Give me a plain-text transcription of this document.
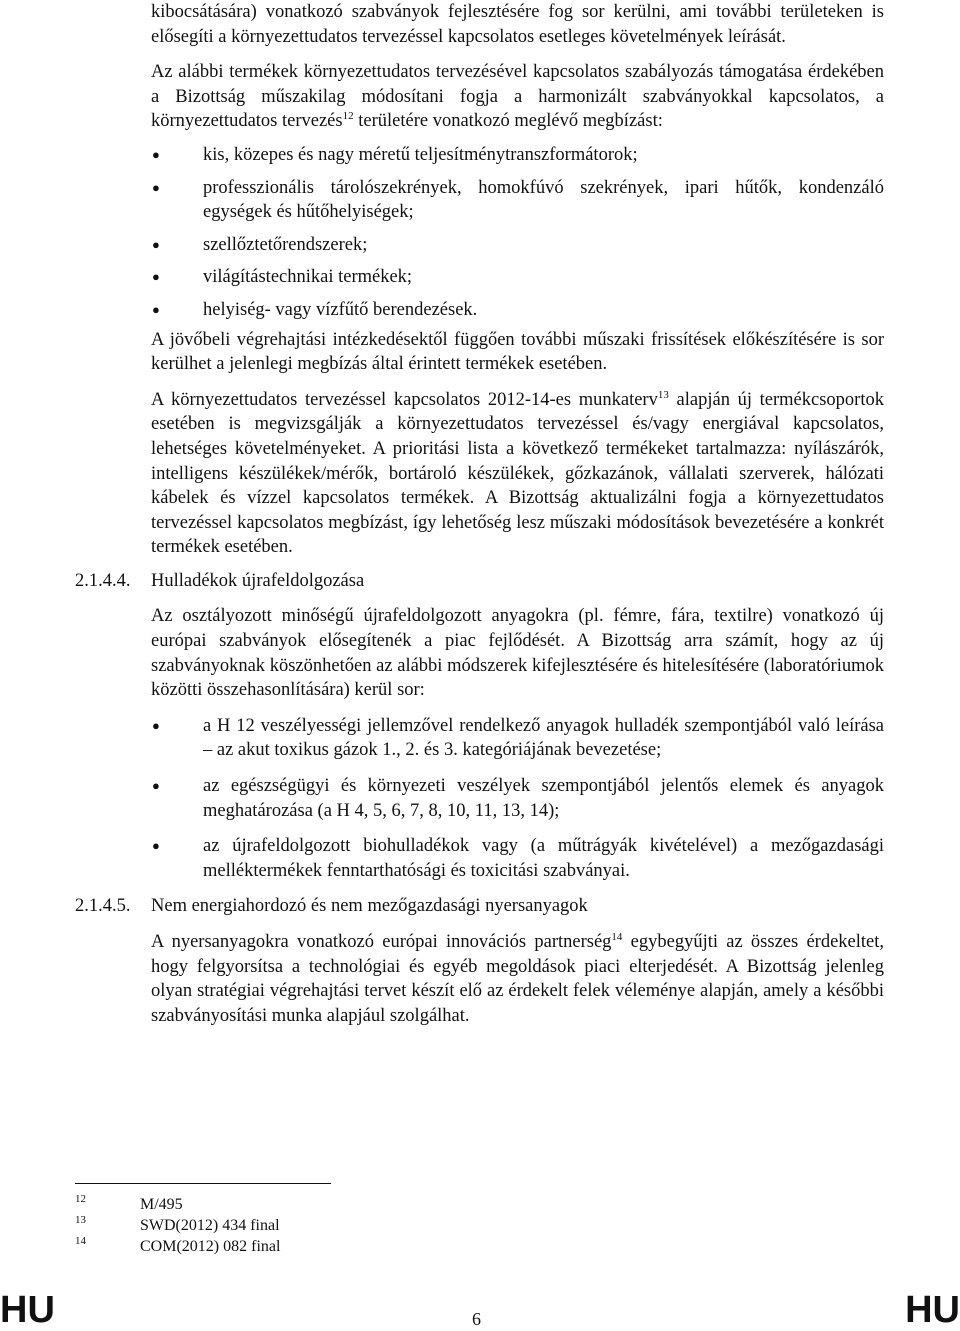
kibocsátására) vonatkozó szabványok fejlesztésére fog sor kerülni, ami további területeken is elősegíti a környezettudatos tervezéssel kapcsolatos esetleges követelmények leírását.

Az alábbi termékek környezettudatos tervezésével kapcsolatos szabályozás támogatása érdekében a Bizottság műszakilag módosítani fogja a harmonizált szabványokkal kapcsolatos, a környezettudatos tervezés$^{12}$ területére vonatkozó meglévő megbízást:

● kis, közepes és nagy méretű teljesítménytranszformátorok;
● professzionális tárolószekrények, homokfúvó szekrények, ipari hűtők, kondenzáló egységek és hűtőhelyiségek;
● szellőztetőrendszerek;
● világítástechnikai termékek;
● helyiség- vagy vízfűtő berendezések.

A jövőbeli végrehajtási intézkedésektől függően további műszaki frissítések előkészítésére is sor kerülhet a jelenlegi megbízás által érintett termékek esetében.

A környezettudatos tervezéssel kapcsolatos 2012-14-es munkaterv$^{13}$ alapján új termékcsoportok esetében is megvizsgálják a környezettudatos tervezéssel és/vagy energiával kapcsolatos, lehetséges követelményeket. A prioritási lista a következő termékeket tartalmazza: nyílászárók, intelligens készülékek/mérők, bortároló készülékek, gőzkazánok, vállalati szerverek, hálózati kábelek és vízzel kapcsolatos termékek. A Bizottság aktualizálni fogja a környezettudatos tervezéssel kapcsolatos megbízást, így lehetőség lesz műszaki módosítások bevezetésére a konkrét termékek esetében.

2.1.4.4. Hulladékok újrafeldolgozása

Az osztályozott minőségű újrafeldolgozott anyagokra (pl. fémre, fára, textilre) vonatkozó új európai szabványok elősegítenék a piac fejlődését. A Bizottság arra számít, hogy az új szabványoknak köszönhetően az alábbi módszerek kifejlesztésére és hitelesítésére (laboratóriumok közötti összehasonlítására) kerül sor:

● a H 12 veszélyességi jellemzővel rendelkező anyagok hulladék szempontjából való leírása – az akut toxikus gázok 1., 2. és 3. kategóriájának bevezetése;
● az egészségügyi és környezeti veszélyek szempontjából jelentős elemek és anyagok meghatározása (a H 4, 5, 6, 7, 8, 10, 11, 13, 14);
● az újrafeldolgozott biohulladékok vagy (a műtrágyák kivételével) a mezőgazdasági melléktermékek fenntarthatósági és toxicitási szabványai.
2.1.4.5. Nem energiahordozó és nem mezőgazdasági nyersanyagok

A nyersanyagokra vonatkozó európai innovációs partnerség$^{14}$ egybegyűjti az összes érdekeltet, hogy felgyorsítsa a technológiai és egyéb megoldások piaci elterjedését. A Bizottság jelenleg olyan stratégiai végrehajtási tervet készít elő az érdekelt felek véleménye alapján, amely a későbbi szabványosítási munka alapjául szolgálhat.

12	M/495
13	SWD(2012) 434 final
14	COM(2012) 082 final
HU	6	HU
